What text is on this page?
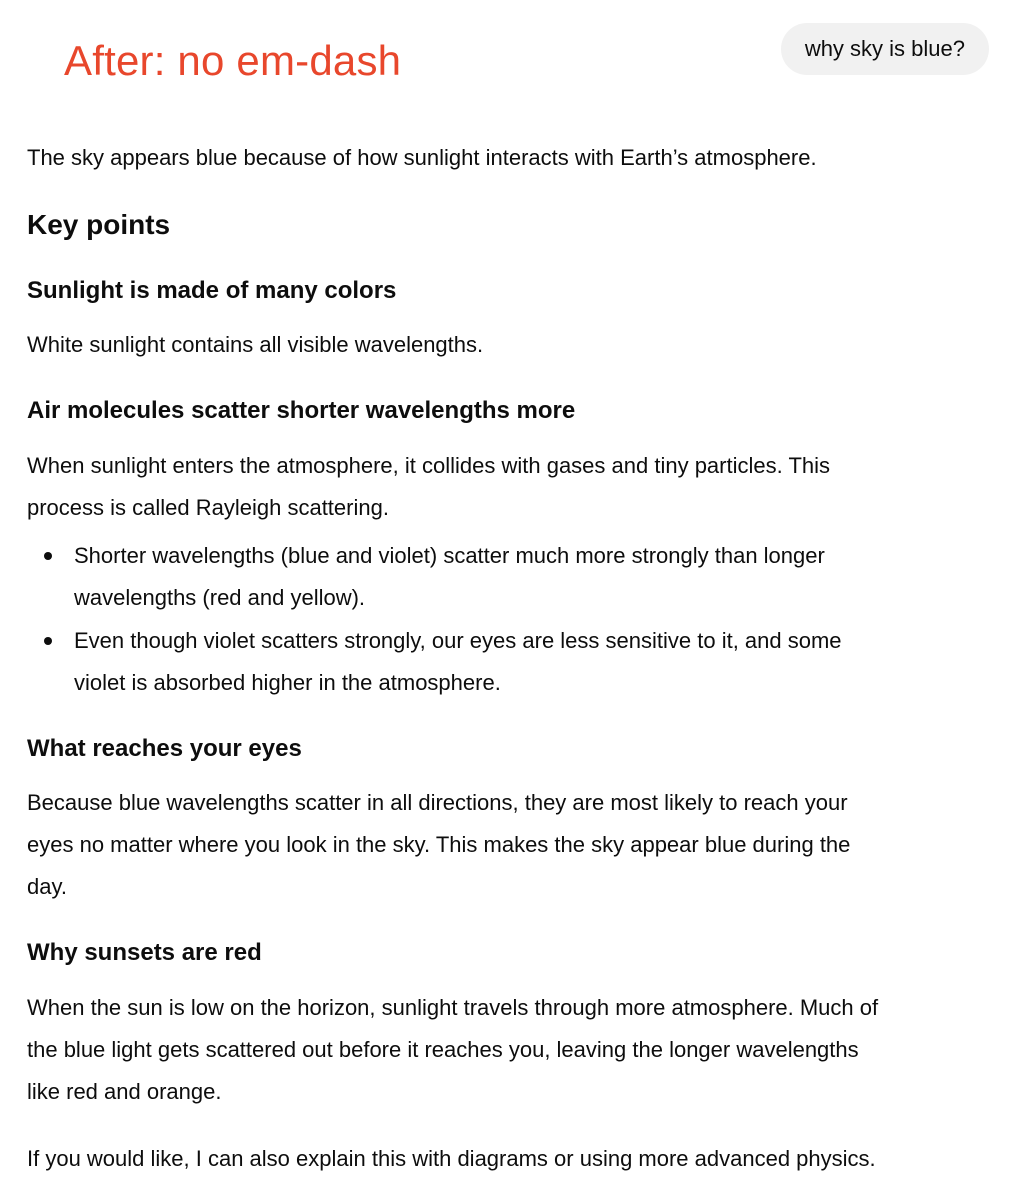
After: no em-dash	why sky is blue?
The sky appears blue because of how sunlight interacts with Earth’s atmosphere.
Key points
Sunlight is made of many colors
White sunlight contains all visible wavelengths.
Air molecules scatter shorter wavelengths more
When sunlight enters the atmosphere, it collides with gases and tiny particles. This
process is called Rayleigh scattering.
Shorter wavelengths (blue and violet) scatter much more strongly than longer
wavelengths (red and yellow).
Even though violet scatters strongly, our eyes are less sensitive to it, and some
violet is absorbed higher in the atmosphere.
What reaches your eyes
Because blue wavelengths scatter in all directions, they are most likely to reach your
eyes no matter where you look in the sky. This makes the sky appear blue during the
day.
Why sunsets are red
When the sun is low on the horizon, sunlight travels through more atmosphere. Much of
the blue light gets scattered out before it reaches you, leaving the longer wavelengths
like red and orange.
If you would like, I can also explain this with diagrams or using more advanced physics.
